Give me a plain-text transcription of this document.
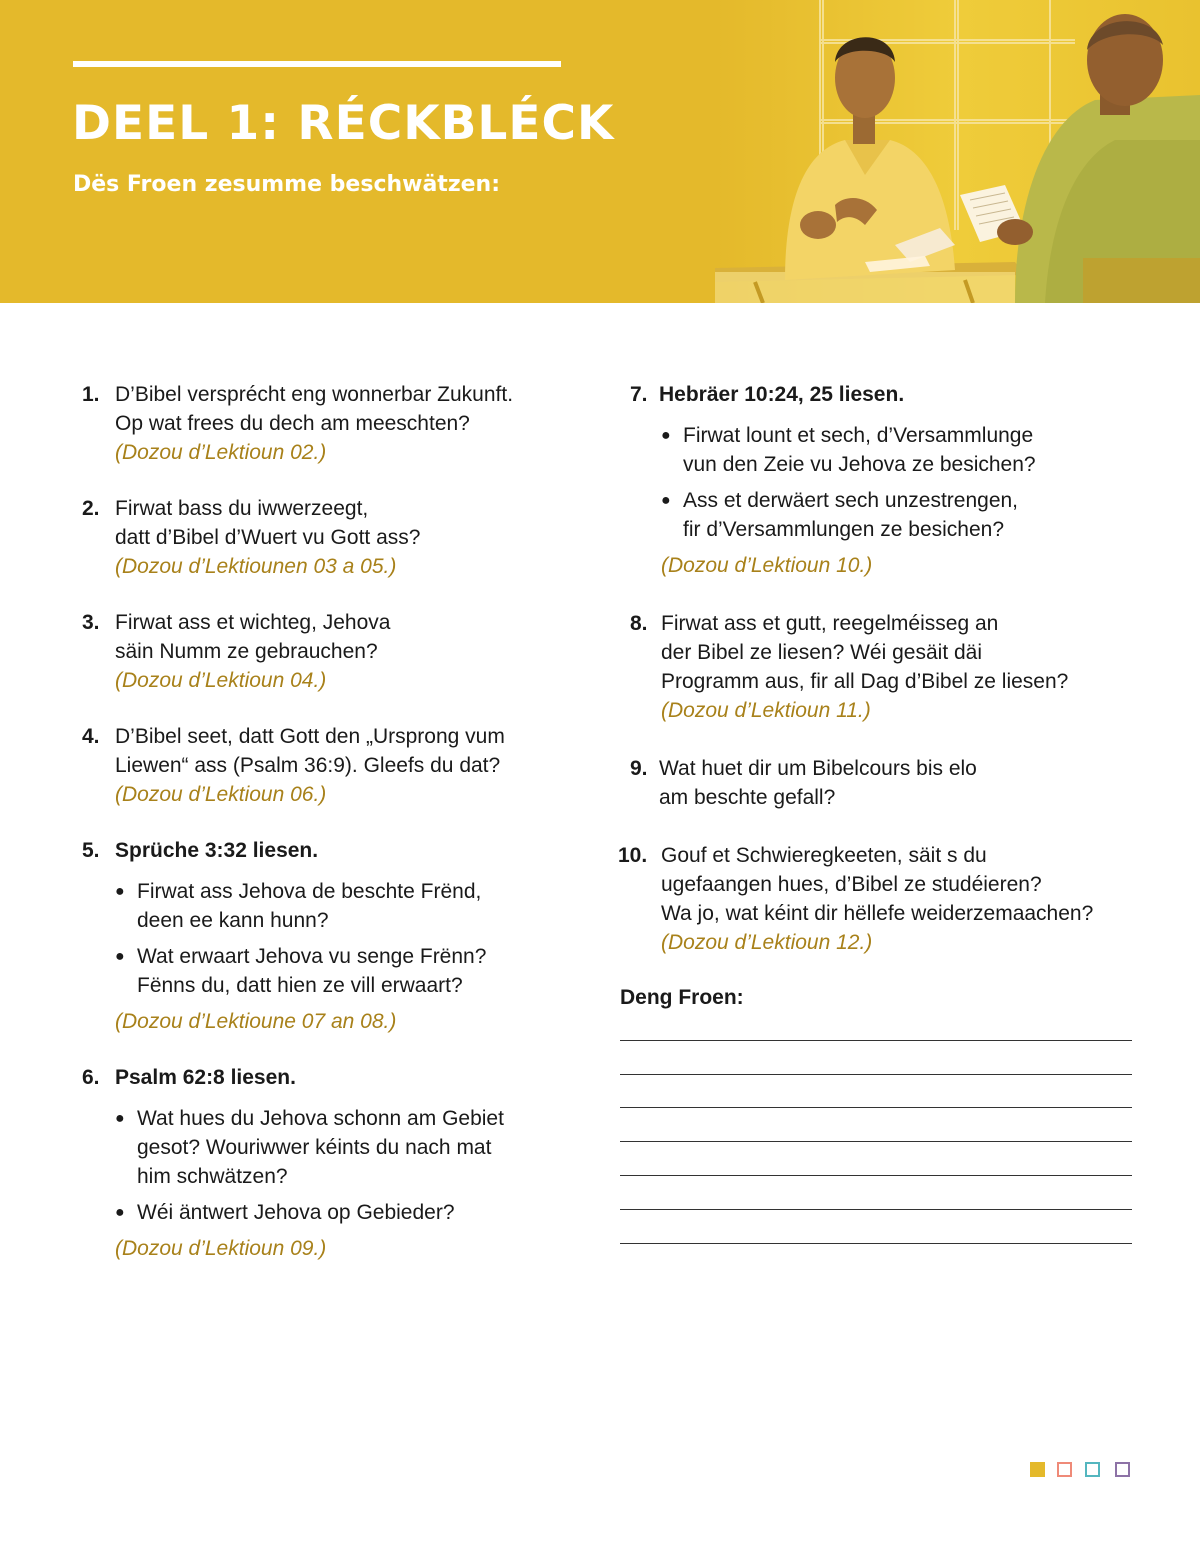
DEEL 1: RÉCKBLÉCK
Dës Froen zesumme beschwätzen:
1. D’Bibel versprécht eng wonnerbar Zukunft.
Op wat frees du dech am meeschten?
(Dozou d’Lektioun 02.)
2. Firwat bass du iwwerzeegt,
datt d’Bibel d’Wuert vu Gott ass?
(Dozou d’Lektiounen 03 a 05.)
3. Firwat ass et wichteg, Jehova
säin Numm ze gebrauchen?
(Dozou d’Lektioun 04.)
4. D’Bibel seet, datt Gott den „Ursprong vum
Liewen“ ass (Psalm 36:9). Gleefs du dat?
(Dozou d’Lektioun 06.)
5. Sprüche 3:32 liesen.
● Firwat ass Jehova de beschte Frënd,
deen ee kann hunn?
● Wat erwaart Jehova vu senge Frënn?
Fënns du, datt hien ze vill erwaart?
(Dozou d’Lektioune 07 an 08.)
6. Psalm 62:8 liesen.
● Wat hues du Jehova schonn am Gebiet
gesot? Wouriwwer kéints du nach mat
him schwätzen?
● Wéi äntwert Jehova op Gebieder?
(Dozou d’Lektioun 09.)
7. Hebräer 10:24, 25 liesen.
● Firwat lount et sech, d’Versammlunge
vun den Zeie vu Jehova ze besichen?
● Ass et derwäert sech unzestrengen,
fir d’Versammlungen ze besichen?
(Dozou d’Lektioun 10.)
8. Firwat ass et gutt, reegelméisseg an
der Bibel ze liesen? Wéi gesäit däi
Programm aus, fir all Dag d’Bibel ze liesen?
(Dozou d’Lektioun 11.)
9. Wat huet dir um Bibelcours bis elo
am beschte gefall?
10. Gouf et Schwieregkeeten, säit s du
ugefaangen hues, d’Bibel ze studéieren?
Wa jo, wat kéint dir hëllefe weiderzemaachen?
(Dozou d’Lektioun 12.)
Deng Froen:
